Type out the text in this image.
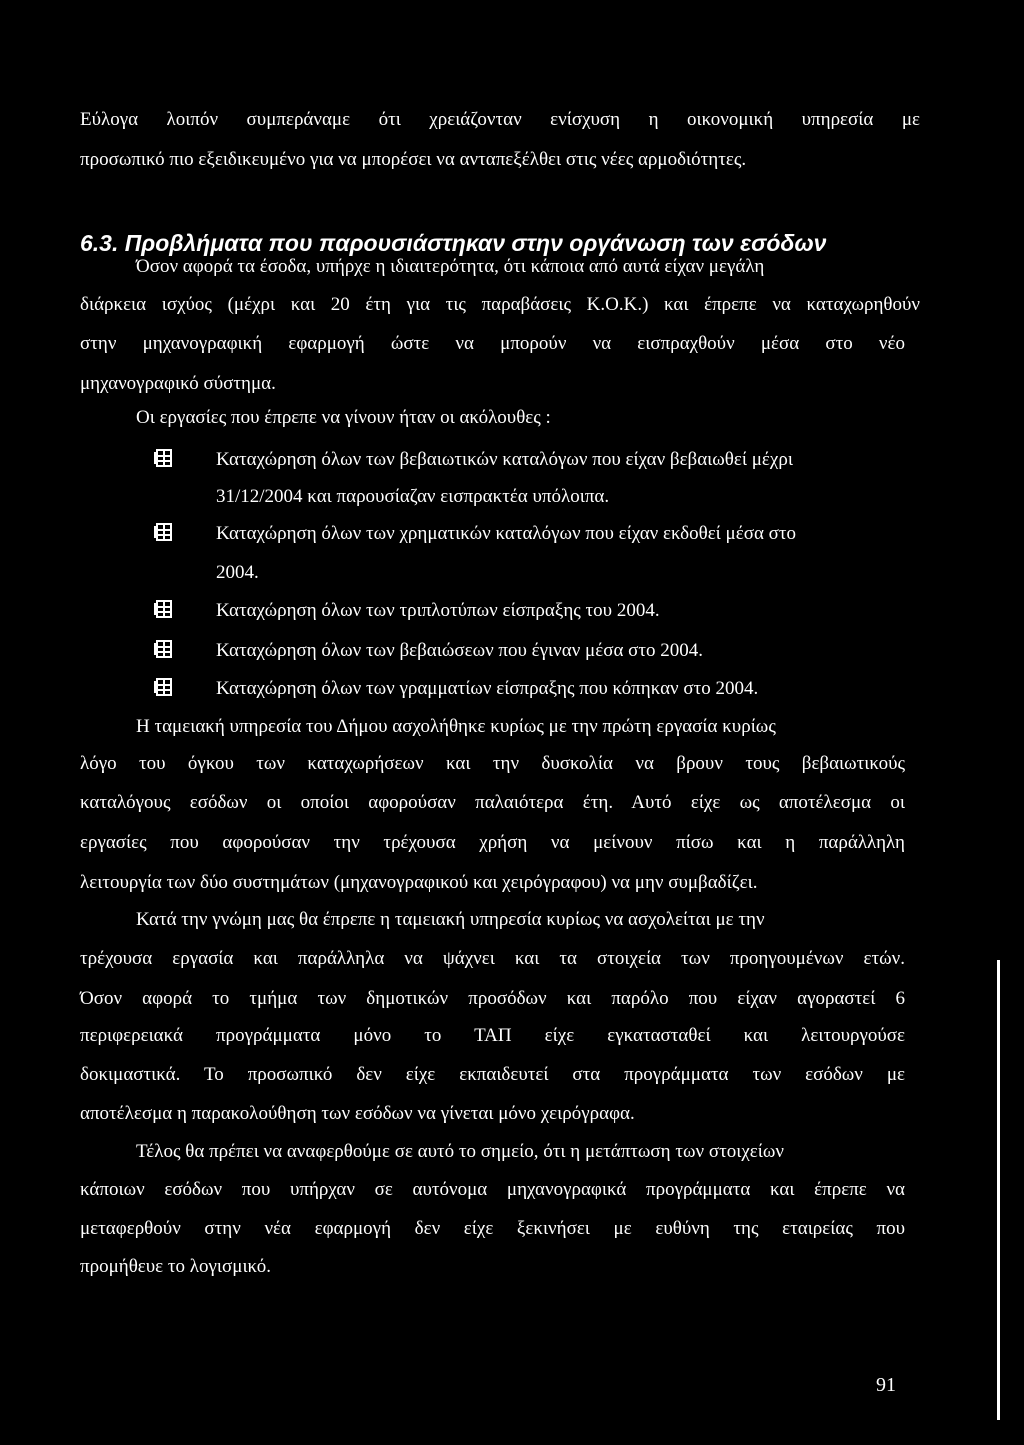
Εύλογα λοιπόν συμπεράναμε ότι χρειάζονταν ενίσχυση η οικονομική υπηρεσία με
προσωπικό πιο εξειδικευμένο για να μπορέσει να ανταπεξέλθει στις νέες αρμοδιότητες.
6.3. Προβλήματα που παρουσιάστηκαν στην οργάνωση των εσόδων
Όσον αφορά τα έσοδα, υπήρχε η ιδιαιτερότητα, ότι κάποια από αυτά είχαν μεγάλη
διάρκεια ισχύος (μέχρι και 20 έτη για τις παραβάσεις Κ.Ο.Κ.) και έπρεπε να καταχωρηθούν
στην μηχανογραφική εφαρμογή ώστε να μπορούν να εισπραχθούν μέσα στο νέο
μηχανογραφικό σύστημα.
Οι εργασίες που έπρεπε να γίνουν ήταν οι ακόλουθες :
Καταχώρηση όλων των βεβαιωτικών καταλόγων που είχαν βεβαιωθεί μέχρι
31/12/2004 και παρουσίαζαν εισπρακτέα υπόλοιπα.
Καταχώρηση όλων των χρηματικών καταλόγων που είχαν εκδοθεί μέσα στο
2004.
Καταχώρηση όλων των τριπλοτύπων είσπραξης του 2004.
Καταχώρηση όλων των βεβαιώσεων που έγιναν μέσα στο 2004.
Καταχώρηση όλων των γραμματίων είσπραξης που κόπηκαν στο 2004.
Η ταμειακή υπηρεσία του Δήμου ασχολήθηκε κυρίως με την πρώτη εργασία κυρίως
λόγο του όγκου των καταχωρήσεων και την δυσκολία να βρουν τους βεβαιωτικούς
καταλόγους εσόδων οι οποίοι αφορούσαν παλαιότερα έτη. Αυτό είχε ως αποτέλεσμα οι
εργασίες που αφορούσαν την τρέχουσα χρήση να μείνουν πίσω και η παράλληλη
λειτουργία των δύο συστημάτων (μηχανογραφικού και χειρόγραφου) να μην συμβαδίζει.
Κατά την γνώμη μας θα έπρεπε η ταμειακή υπηρεσία κυρίως να ασχολείται με την
τρέχουσα εργασία και παράλληλα να ψάχνει και τα στοιχεία των προηγουμένων ετών.
Όσον αφορά το τμήμα των δημοτικών προσόδων και παρόλο που είχαν αγοραστεί 6
περιφερειακά προγράμματα μόνο το ΤΑΠ είχε εγκατασταθεί και λειτουργούσε
δοκιμαστικά. Το προσωπικό δεν είχε εκπαιδευτεί στα προγράμματα των εσόδων με
αποτέλεσμα η παρακολούθηση των εσόδων να γίνεται μόνο χειρόγραφα.
Τέλος θα πρέπει να αναφερθούμε σε αυτό το σημείο, ότι η μετάπτωση των στοιχείων
κάποιων εσόδων που υπήρχαν σε αυτόνομα μηχανογραφικά προγράμματα και έπρεπε να
μεταφερθούν στην νέα εφαρμογή δεν είχε ξεκινήσει με ευθύνη της εταιρείας που
προμήθευε το λογισμικό.
91
